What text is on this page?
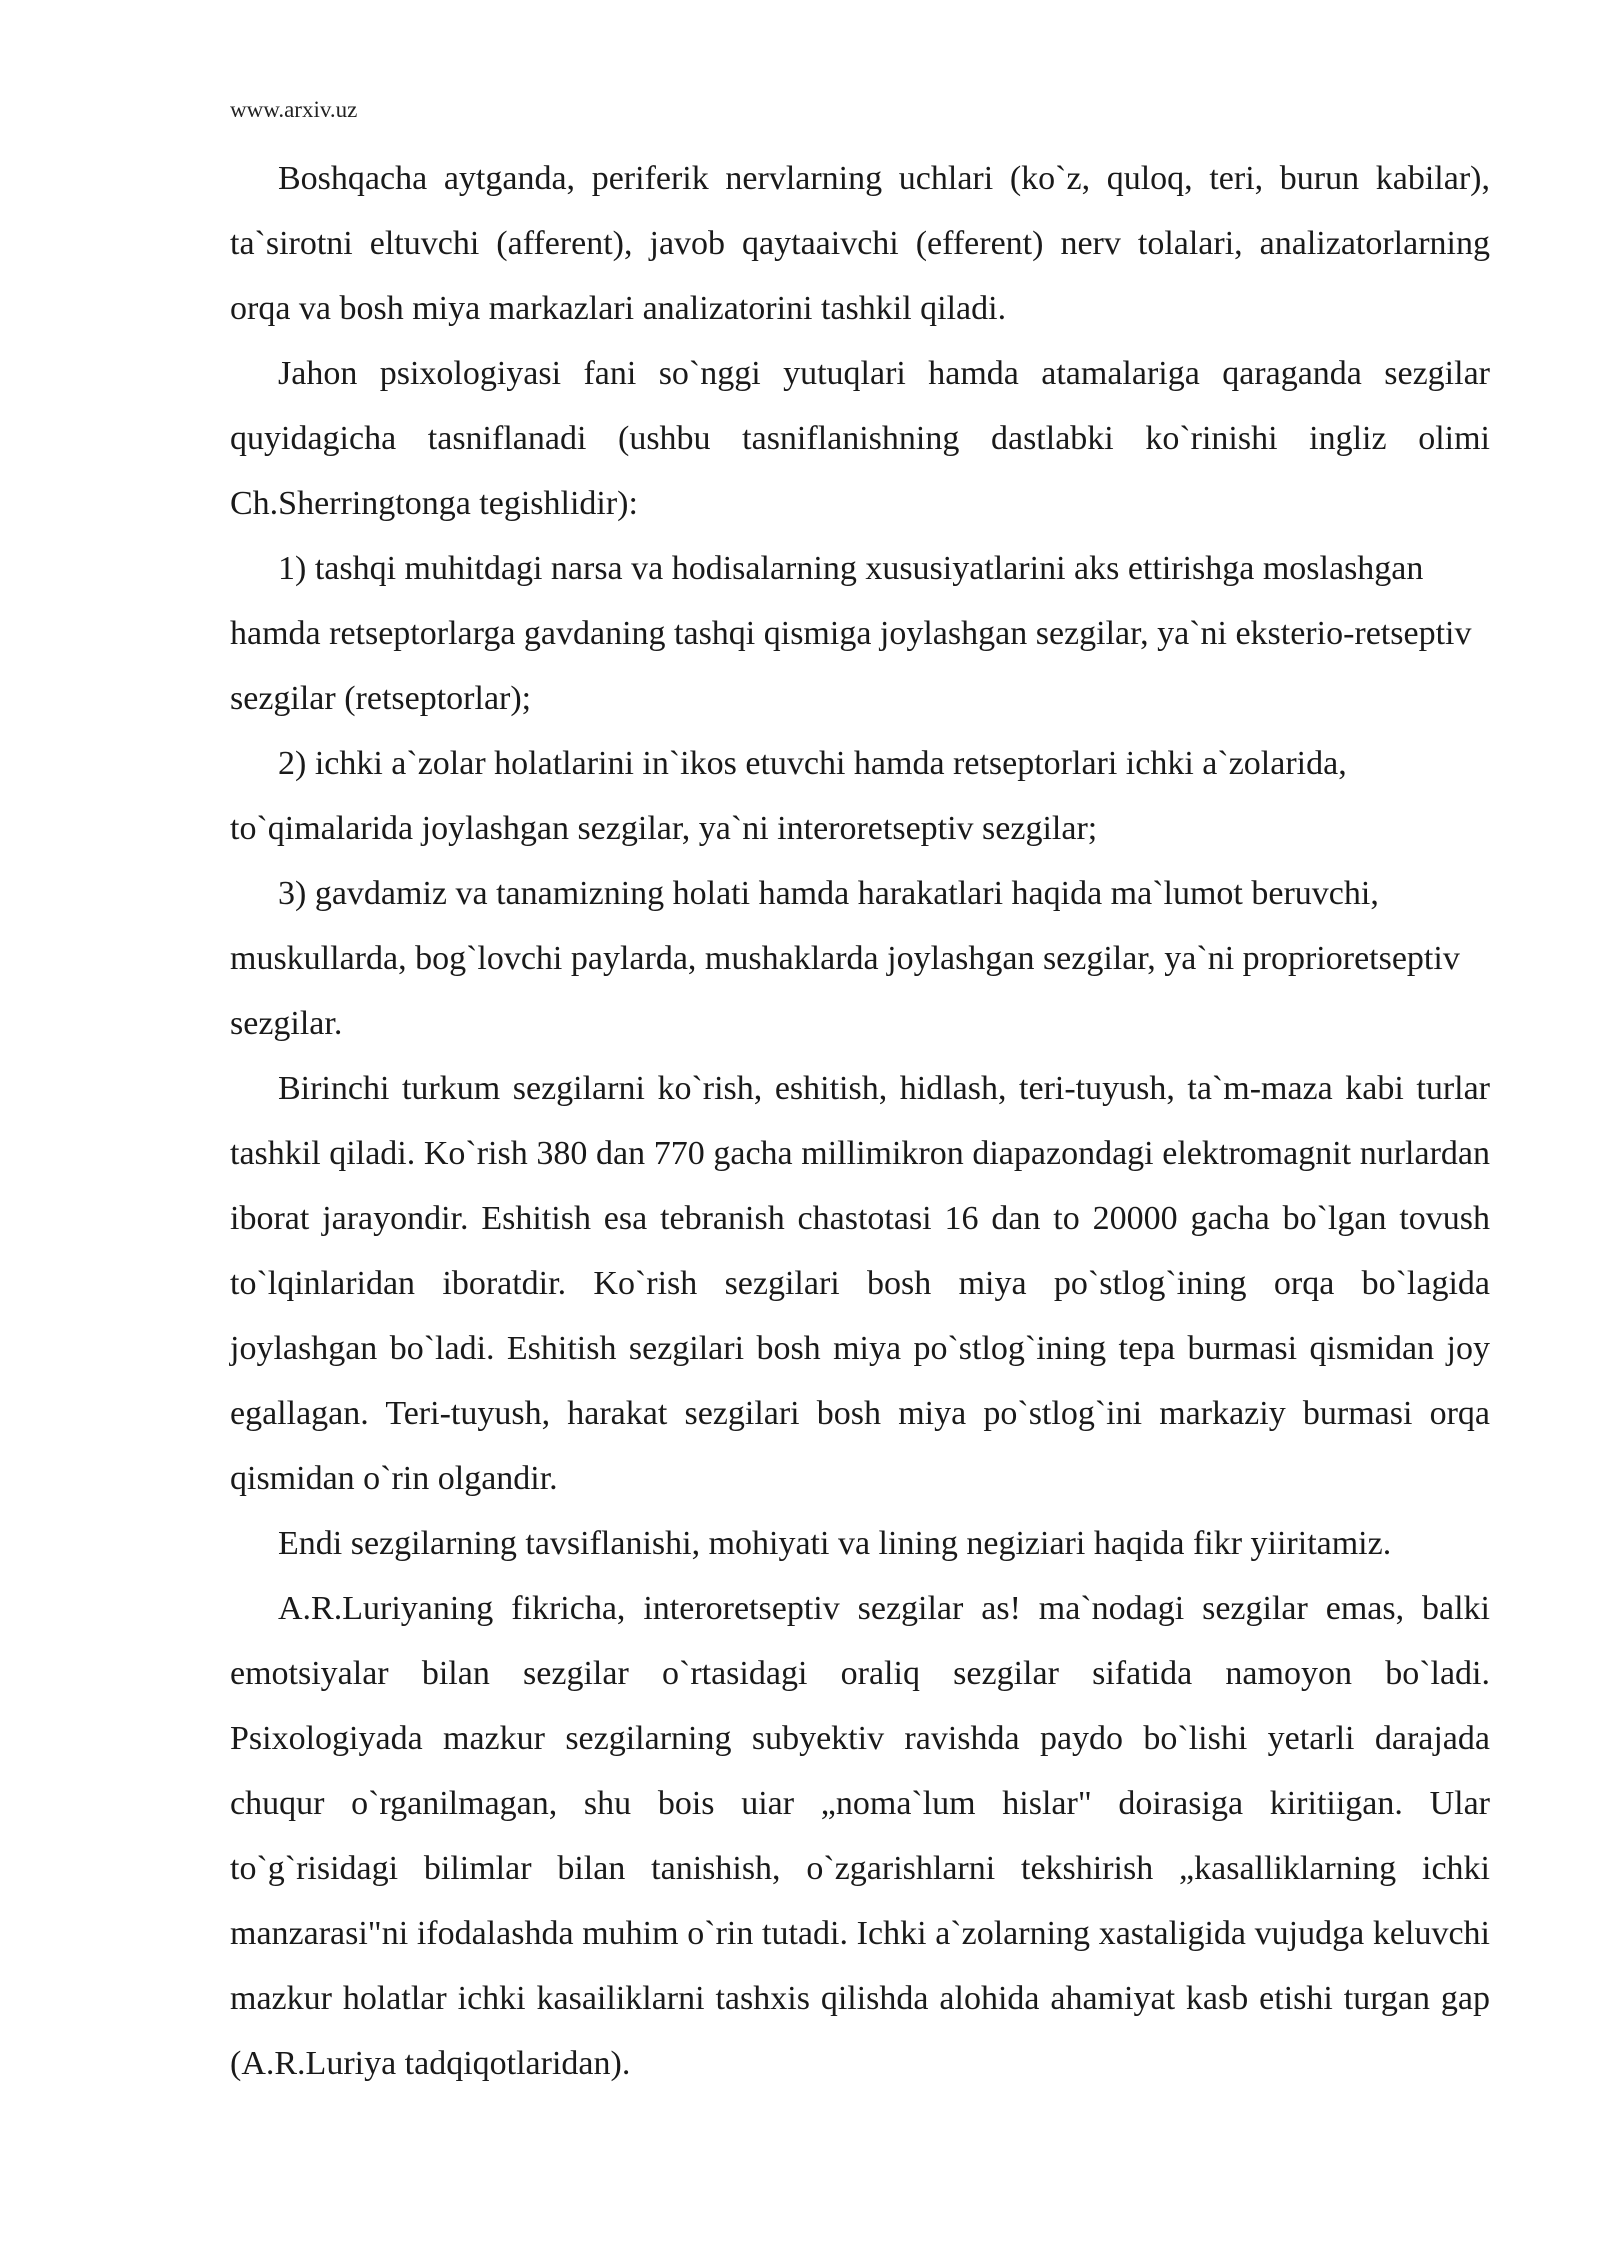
www.arxiv.uz

Boshqacha aytganda, periferik nervlarning uchlari (ko`z, quloq, teri, burun kabilar), ta`sirotni eltuvchi (afferent), javob qaytaaivchi (efferent) nerv tolalari, analizatorlarning orqa va bosh miya markazlari analizatorini tashkil qiladi.

Jahon psixologiyasi fani so`nggi yutuqlari hamda atamalariga qaraganda sezgilar quyidagicha tasniflanadi (ushbu tasniflanishning dastlabki ko`rinishi ingliz olimi Ch.Sherringtonga tegishlidir):

1) tashqi muhitdagi narsa va hodisalarning xususiyatlarini aks ettirishga moslashgan hamda retseptorlarga gavdaning tashqi qismiga joylashgan sezgilar, ya`ni eksterio-retseptiv sezgilar (retseptorlar);

2) ichki a`zolar holatlarini in`ikos etuvchi hamda retseptorlari ichki a`zolarida, to`qimalarida joylashgan sezgilar, ya`ni interoretseptiv sezgilar;

3) gavdamiz va tanamizning holati hamda harakatlari haqida ma`lumot beruvchi, muskullarda, bog`lovchi paylarda, mushaklarda joylashgan sezgilar, ya`ni proprioretseptiv sezgilar.

Birinchi turkum sezgilarni ko`rish, eshitish, hidlash, teri-tuyush, ta`m-maza kabi turlar tashkil qiladi. Ko`rish 380 dan 770 gacha millimikron diapazondagi elektromagnit nurlardan iborat jarayondir. Eshitish esa tebranish chastotasi 16 dan to 20000 gacha bo`lgan tovush to`lqinlaridan iboratdir. Ko`rish sezgilari bosh miya po`stlog`ining orqa bo`lagida joylashgan bo`ladi. Eshitish sezgilari bosh miya po`stlog`ining tepa burmasi qismidan joy egallagan. Teri-tuyush, harakat sezgilari bosh miya po`stlog`ini markaziy burmasi orqa qismidan o`rin olgandir.

Endi sezgilarning tavsiflanishi, mohiyati va lining negiziari haqida fikr yiiritamiz.

A.R.Luriyaning fikricha, interoretseptiv sezgilar as! ma`nodagi sezgilar emas, balki emotsiyalar bilan sezgilar o`rtasidagi oraliq sezgilar sifatida namoyon bo`ladi. Psixologiyada mazkur sezgilarning subyektiv ravishda paydo bo`lishi yetarli darajada chuqur o`rganilmagan, shu bois uiar „noma`lum hislar" doirasiga kiritiigan. Ular to`g`risidagi bilimlar bilan tanishish, o`zgarishlarni tekshirish „kasalliklarning ichki manzarasi"ni ifodalashda muhim o`rin tutadi. Ichki a`zolarning xastaligida vujudga keluvchi mazkur holatlar ichki kasailiklarni tashxis qilishda alohida ahamiyat kasb etishi turgan gap (A.R.Luriya tadqiqotlaridan).
